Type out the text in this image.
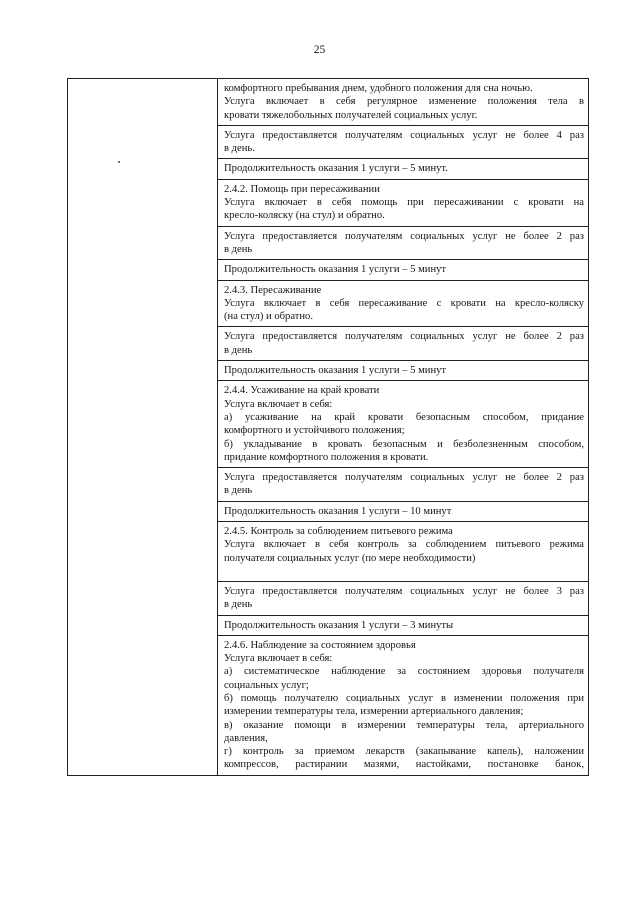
25

комфортного пребывания днем, удобного положения для сна ночью.
Услуга включает в себя регулярное изменение положения тела в
кровати тяжелобольных получателей социальных услуг.

Услуга предоставляется получателям социальных услуг не более 4 раз
в день.

Продолжительность оказания 1 услуги – 5 минут.

2.4.2. Помощь при пересаживании
Услуга включает в себя помощь при пересаживании с кровати на
кресло-коляску (на стул) и обратно.

Услуга предоставляется получателям социальных услуг не более 2 раз
в день

Продолжительность оказания 1 услуги – 5 минут

2.4.3. Пересаживание
Услуга включает в себя пересаживание с кровати на кресло-коляску
(на стул) и обратно.

Услуга предоставляется получателям социальных услуг не более 2 раз
в день

Продолжительность оказания 1 услуги – 5 минут

2.4.4. Усаживание на край кровати
Услуга включает в себя:
а) усаживание на край кровати безопасным способом, придание
комфортного и устойчивого положения;
б) укладывание в кровать безопасным и безболезненным способом,
придание комфортного положения в кровати.

Услуга предоставляется получателям социальных услуг не более 2 раз
в день

Продолжительность оказания 1 услуги – 10 минут

2.4.5. Контроль за соблюдением питьевого режима
Услуга включает в себя контроль за соблюдением питьевого режима
получателя социальных услуг (по мере необходимости)

Услуга предоставляется получателям социальных услуг не более 3 раз
в день

Продолжительность оказания 1 услуги – 3 минуты

2.4.6. Наблюдение за состоянием здоровья
Услуга включает в себя:
а) систематическое наблюдение за состоянием здоровья получателя
социальных услуг;
б) помощь получателю социальных услуг в изменении положения при
измерении температуры тела, измерении артериального давления;
в) оказание помощи в измерении температуры тела, артериального
давления,
г) контроль за приемом лекарств (закапывание капель), наложении
компрессов, растирании мазями, настойками, постановке банок,
